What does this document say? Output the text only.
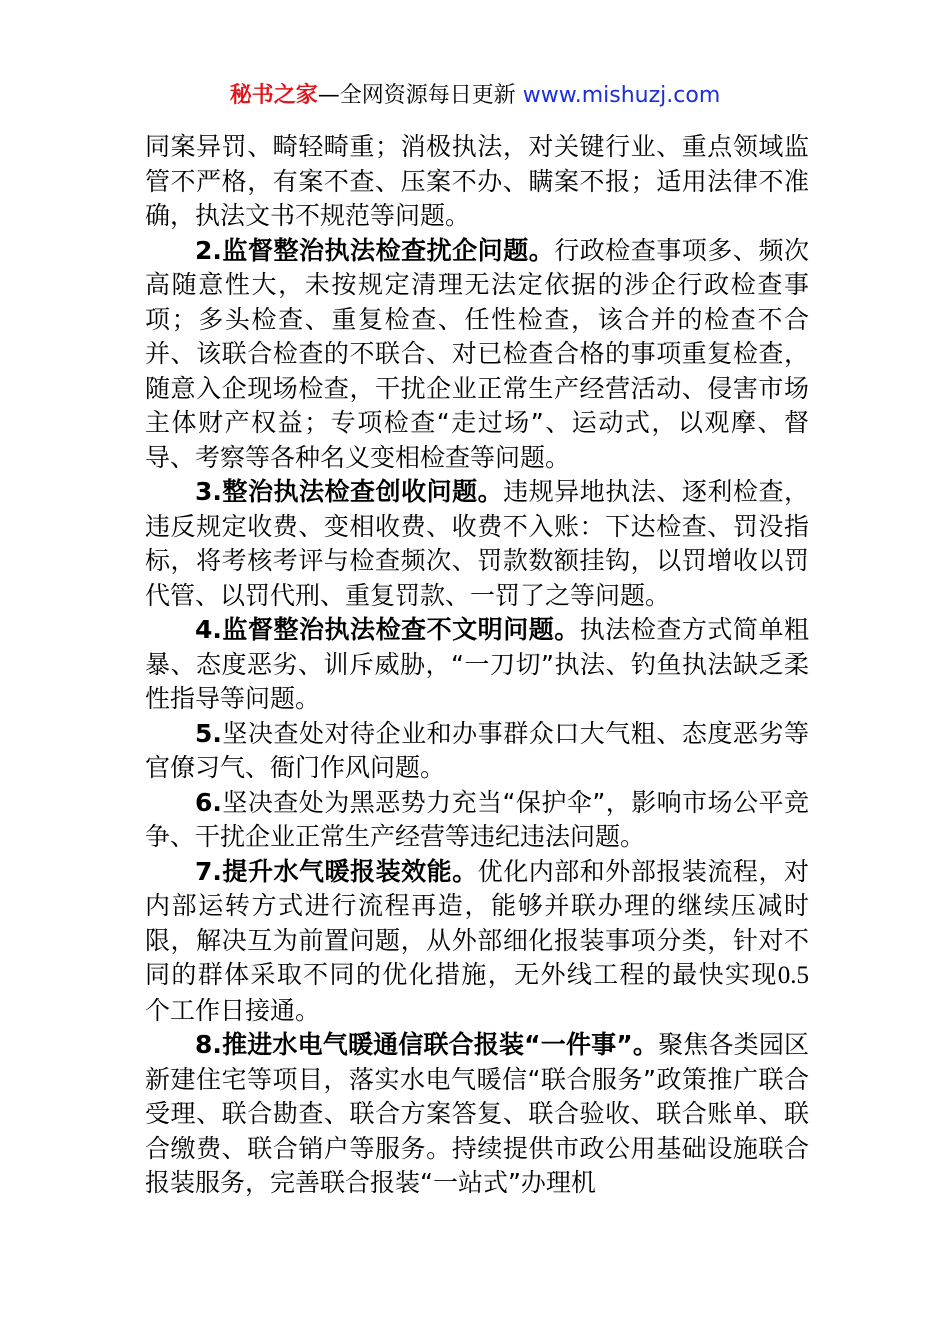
秘书之家—全网资源每日更新 www.mishuzj.com

同案异罚、畸轻畸重；消极执法，对关键行业、重点领域监管不严格，有案不查、压案不办、瞒案不报；适用法律不准确，执法文书不规范等问题。

2.监督整治执法检查扰企问题。行政检查事项多、频次高随意性大，未按规定清理无法定依据的涉企行政检查事项；多头检查、重复检查、任性检查，该合并的检查不合并、该联合检查的不联合、对已检查合格的事项重复检查，随意入企现场检查，干扰企业正常生产经营活动、侵害市场主体财产权益；专项检查“走过场”、运动式，以观摩、督导、考察等各种名义变相检查等问题。

3.整治执法检查创收问题。违规异地执法、逐利检查，违反规定收费、变相收费、收费不入账：下达检查、罚没指标，将考核考评与检查频次、罚款数额挂钩，以罚增收以罚代管、以罚代刑、重复罚款、一罚了之等问题。

4.监督整治执法检查不文明问题。执法检查方式简单粗暴、态度恶劣、训斥威胁，“一刀切”执法、钓鱼执法缺乏柔性指导等问题。

5.坚决查处对待企业和办事群众口大气粗、态度恶劣等官僚习气、衙门作风问题。

6.坚决查处为黑恶势力充当“保护伞”，影响市场公平竞争、干扰企业正常生产经营等违纪违法问题。

7.提升水气暖报装效能。优化内部和外部报装流程，对内部运转方式进行流程再造，能够并联办理的继续压减时限，解决互为前置问题，从外部细化报装事项分类，针对不同的群体采取不同的优化措施，无外线工程的最快实现0.5 个工作日接通。

8.推进水电气暖通信联合报装“一件事”。聚焦各类园区新建住宅等项目，落实水电气暖信“联合服务”政策推广联合受理、联合勘查、联合方案答复、联合验收、联合账单、联合缴费、联合销户等服务。持续提供市政公用基础设施联合报装服务，完善联合报装“一站式”办理机
